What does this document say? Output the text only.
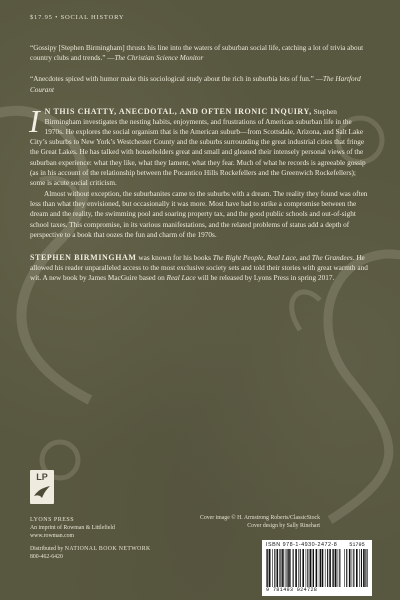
$17.95 • SOCIAL HISTORY

“Gossipy [Stephen Birmingham] thrusts his line into the waters of suburban social life, catching a lot of trivia about country clubs and trends.” —The Christian Science Monitor

“Anecdotes spiced with humor make this sociological study about the rich in suburbia lots of fun.” —The Hartford Courant

I N THIS CHATTY, ANECDOTAL, AND OFTEN IRONIC INQUIRY, Stephen Birmingham investigates the nesting habits, enjoyments, and frustrations of American suburban life in the 1970s. He explores the social organism that is the American suburb—from Scottsdale, Arizona, and Salt Lake City’s suburbs to New York’s Westchester County and the suburbs surrounding the great industrial cities that fringe the Great Lakes. He has talked with householders great and small and gleaned their intensely personal views of the suburban experience: what they like, what they lament, what they fear. Much of what he records is agreeable gossip (as in his account of the relationship between the Pocantico Hills Rockefellers and the Greenwich Rockefellers); some is acute social criticism.
Almost without exception, the suburbanites came to the suburbs with a dream. The reality they found was often less than what they envisioned, but occasionally it was more. Most have had to strike a compromise between the dream and the reality, the swimming pool and soaring property tax, and the good public schools and out-of-sight school taxes. This compromise, in its various manifestations, and the related problems of status add a depth of perspective to a book that oozes the fun and charm of the 1970s.
STEPHEN BIRMINGHAM was known for his books The Right People, Real Lace, and The Grandees. He allowed his reader unparalleled access to the most exclusive society sets and told their stories with great warmth and wit. A new book by James MacGuire based on Real Lace will be released by Lyons Press in spring 2017.
LP
LYONS PRESS
An imprint of Rowman & Littlefield
www.rowman.com
Distributed by NATIONAL BOOK NETWORK
800-462-6420
Cover image © H. Armstrong Roberts/ClassicStock
Cover design by Sally Rinehart
ISBN 978-1-4930-2472-8
9 781493 024728
51795
